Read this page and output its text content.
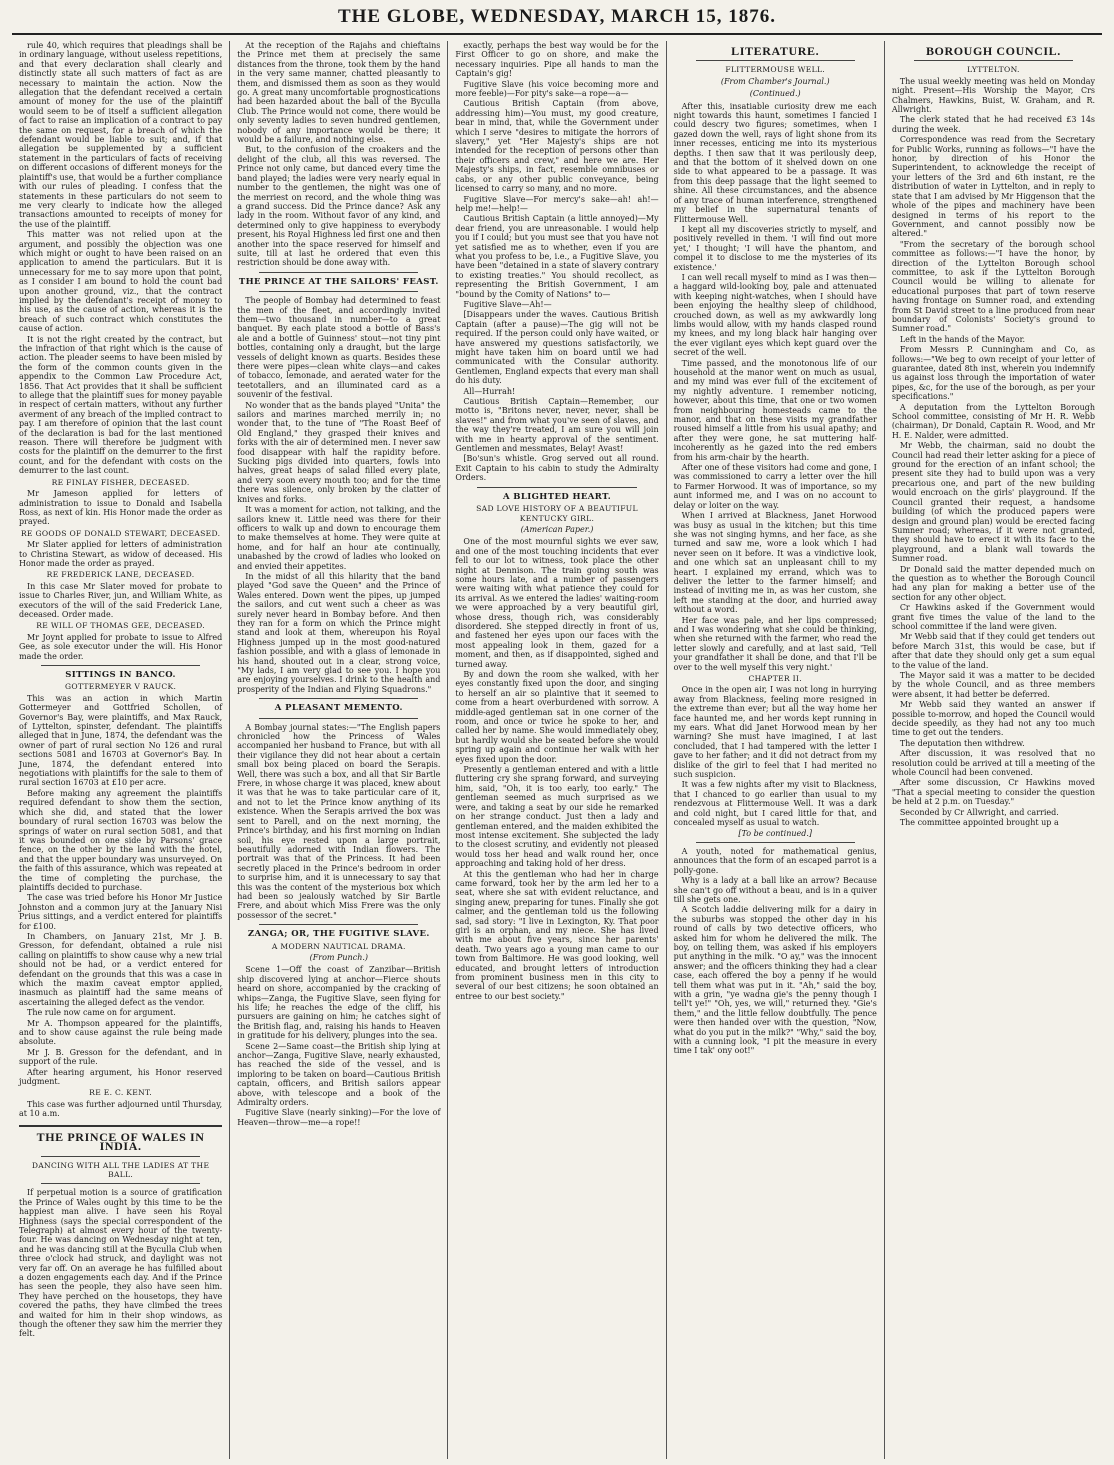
THE GLOBE, WEDNESDAY, MARCH 15, 1876.

rule 40, which requires that pleadings shall be in ordinary language, without useless repetitions, and that every declaration shall clearly and distinctly state all such matters of fact as are necessary to maintain the action. Now the allegation that the defendant received a certain amount of money for the use of the plaintiff would seem to be of itself a sufficient allegation of fact to raise an implication of a contract to pay the same on request, for a breach of which the defendant would be liable to suit; and, if that allegation be supplemented by a sufficient statement in the particulars of facts of receiving on different occasions of different moneys for the plaintiff's use, that would be a further compliance with our rules of pleading. I confess that the statements in these particulars do not seem to me very clearly to indicate how the alleged transactions amounted to receipts of money for the use of the plaintiff.

This matter was not relied upon at the argument, and possibly the objection was one which might or ought to have been raised on an application to amend the particulars. But it is unnecessary for me to say more upon that point, as I consider I am bound to hold the count bad upon another ground, viz., that the contract implied by the defendant's receipt of money to his use, as the cause of action, whereas it is the breach of such contract which constitutes the cause of action.

It is not the right created by the contract, but the infraction of that right which is the cause of action. The pleader seems to have been misled by the form of the common counts given in the appendix to the Common Law Procedure Act, 1856. That Act provides that it shall be sufficient to allege that the plaintiff sues for money payable in respect of certain matters, without any further averment of any breach of the implied contract to pay. I am therefore of opinion that the last count of the declaration is bad for the last mentioned reason. There will therefore be judgment with costs for the plaintiff on the demurrer to the first count, and for the defendant with costs on the demurrer to the last count.

RE FINLAY FISHER, DECEASED.

Mr Jameson applied for letters of administration to issue to Donald and Isabella Ross, as next of kin. His Honor made the order as prayed.

RE GOODS OF DONALD STEWART, DECEASED.

Mr Slater applied for letters of administration to Christina Stewart, as widow of deceased. His Honor made the order as prayed.

RE FREDERICK LANE, DECEASED.

In this case Mr Slater moved for probate to issue to Charles River, jun, and William White, as executors of the will of the said Frederick Lane, deceased. Order made.

RE WILL OF THOMAS GEE, DECEASED.

Mr Joynt applied for probate to issue to Alfred Gee, as sole executor under the will. His Honor made the order.

SITTINGS IN BANCO.
GOTTERMEYER V RAUCK.

This was an action in which Martin Gottermeyer and Gottfried Schollen, of Governor's Bay, were plaintiffs, and Max Rauck, of Lyttelton, spinster, defendant. The plaintiffs alleged that in June, 1874, the defendant was the owner of part of rural section No 126 and rural sections 5081 and 16703 at Governor's Bay. In June, 1874, the defendant entered into negotiations with plaintiffs for the sale to them of rural section 16703 at £10 per acre.

Before making any agreement the plaintiffs required defendant to show them the section, which she did, and stated that the lower boundary of rural section 16703 was below the springs of water on rural section 5081, and that it was bounded on one side by Parsons' grace fence, on the other by the land with the hotel, and that the upper boundary was unsurveyed. On the faith of this assurance, which was repeated at the time of completing the purchase, the plaintiffs decided to purchase.

The case was tried before his Honor Mr Justice Johnston and a common jury at the January Nisi Prius sittings, and a verdict entered for plaintiffs for £100.

In Chambers, on January 21st, Mr J. B. Gresson, for defendant, obtained a rule nisi calling on plaintiffs to show cause why a new trial should not be had, or a verdict entered for defendant on the grounds that this was a case in which the maxim caveat emptor applied, inasmuch as plaintiff had the same means of ascertaining the alleged defect as the vendor.

The rule now came on for argument.

Mr A. Thompson appeared for the plaintiffs, and to show cause against the rule being made absolute.

Mr J. B. Gresson for the defendant, and in support of the rule.

After hearing argument, his Honor reserved judgment.

RE E. C. KENT.

This case was further adjourned until Thursday, at 10 a.m.

THE PRINCE OF WALES IN INDIA.
DANCING WITH ALL THE LADIES AT THE BALL.

If perpetual motion is a source of gratification the Prince of Wales ought by this time to be the happiest man alive. I have seen his Royal Highness (says the special correspondent of the Telegraph) at almost every hour of the twenty-four. He was dancing on Wednesday night at ten, and he was dancing still at the Byculla Club when three o'clock had struck, and daylight was not very far off. On an average he has fulfilled about a dozen engagements each day. And if the Prince has seen the people, they also have seen him. They have perched on the housetops, they have covered the paths, they have climbed the trees and waited for him in their shop windows, as though the oftener they saw him the merrier they felt.

At the reception of the Rajahs and chieftains the Prince met them at precisely the same distances from the throne, took them by the hand in the very same manner, chatted pleasantly to them, and dismissed them as soon as they would go. A great many uncomfortable prognostications had been hazarded about the ball of the Byculla Club. The Prince would not come, there would be only seventy ladies to seven hundred gentlemen, nobody of any importance would be there; it would be a failure, and nothing else.

But, to the confusion of the croakers and the delight of the club, all this was reversed. The Prince not only came, but danced every time the band played; the ladies were very nearly equal in number to the gentlemen, the night was one of the merriest on record, and the whole thing was a grand success. Did the Prince dance? Ask any lady in the room. Without favor of any kind, and determined only to give happiness to everybody present, his Royal Highness led first one and then another into the space reserved for himself and suite, till at last he ordered that even this restriction should be done away with.

THE PRINCE AT THE SAILORS' FEAST.

The people of Bombay had determined to feast the men of the fleet, and accordingly invited them—two thousand in number—to a great banquet. By each plate stood a bottle of Bass's ale and a bottle of Guinness' stout—not tiny pint bottles, containing only a draught, but the large vessels of delight known as quarts. Besides these there were pipes—clean white clays—and cakes of tobacco, lemonade, and aerated water for the teetotallers, and an illuminated card as a souvenir of the festival.

No wonder that as the bands played "Unita" the sailors and marines marched merrily in; no wonder that, to the tune of "The Roast Beef of Old England," they grasped their knives and forks with the air of determined men. I never saw food disappear with half the rapidity before. Sucking pigs divided into quarters, fowls into halves, great heaps of salad filled every plate, and very soon every mouth too; and for the time there was silence, only broken by the clatter of knives and forks.

It was a moment for action, not talking, and the sailors knew it. Little need was there for their officers to walk up and down to encourage them to make themselves at home. They were quite at home, and for half an hour ate continually, unabashed by the crowd of ladies who looked on and envied their appetites.

In the midst of all this hilarity that the band played "God save the Queen" and the Prince of Wales entered. Down went the pipes, up jumped the sailors, and cut went such a cheer as was surely never heard in Bombay before. And then they ran for a form on which the Prince might stand and look at them, whereupon his Royal Highness jumped up in the most good-natured fashion possible, and with a glass of lemonade in his hand, shouted out in a clear, strong voice, "My lads, I am very glad to see you. I hope you are enjoying yourselves. I drink to the health and prosperity of the Indian and Flying Squadrons."

A PLEASANT MEMENTO.

A Bombay journal states:—"The English papers chronicled how the Princess of Wales accompanied her husband to France, but with all their vigilance they did not hear about a certain small box being placed on board the Serapis. Well, there was such a box, and all that Sir Bartle Frere, in whose charge it was placed, knew about it was that he was to take particular care of it, and not to let the Prince know anything of its existence. When the Serapis arrived the box was sent to Parell, and on the next morning, the Prince's birthday, and his first morning on Indian soil, his eye rested upon a large portrait, beautifully adorned with Indian flowers. The portrait was that of the Princess. It had been secretly placed in the Prince's bedroom in order to surprise him, and it is unnecessary to say that this was the content of the mysterious box which had been so jealously watched by Sir Bartle Frere, and about which Miss Frere was the only possessor of the secret."

ZANGA; OR, THE FUGITIVE SLAVE.
A MODERN NAUTICAL DRAMA.
(From Punch.)

Scene 1—Off the coast of Zanzibar—British ship discovered lying at anchor—Fierce shouts heard on shore, accompanied by the cracking of whips—Zanga, the Fugitive Slave, seen flying for his life; he reaches the edge of the cliff, his pursuers are gaining on him; he catches sight of the British flag, and, raising his hands to Heaven in gratitude for his delivery, plunges into the sea.

Scene 2—Same coast—the British ship lying at anchor—Zanga, Fugitive Slave, nearly exhausted, has reached the side of the vessel, and is imploring to be taken on board—Cautious British captain, officers, and British sailors appear above, with telescope and a book of the Admiralty orders.

Fugitive Slave (nearly sinking)—For the love of Heaven—throw—me—a rope!!

exactly, perhaps the best way would be for the First Officer to go on shore, and make the necessary inquiries. Pipe all hands to man the Captain's gig!

Fugitive Slave (his voice becoming more and more feeble)—For pity's sake—a rope—a—

Cautious British Captain (from above, addressing him)—You must, my good creature, bear in mind, that, while the Government under which I serve "desires to mitigate the horrors of slavery," yet "Her Majesty's ships are not intended for the reception of persons other than their officers and crew," and here we are. Her Majesty's ships, in fact, resemble omnibuses or cabs, or any other public conveyance, being licensed to carry so many, and no more.

Fugitive Slave—For mercy's sake—ah! ah!—help me!—help!—

Cautious British Captain (a little annoyed)—My dear friend, you are unreasonable. I would help you if I could; but you must see that you have not yet satisfied me as to whether, even if you are what you profess to be, i.e., a Fugitive Slave, you have been "detained in a state of slavery contrary to existing treaties." You should recollect, as representing the British Government, I am "bound by the Comity of Nations" to—

Fugitive Slave—Ah!—

[Disappears under the waves. Cautious British Captain (after a pause)—The gig will not be required. If the person could only have waited, or have answered my questions satisfactorily, we might have taken him on board until we had communicated with the Consular authority. Gentlemen, England expects that every man shall do his duty.

All—Hurrah!

Cautious British Captain—Remember, our motto is, "Britons never, never, never, shall be slaves!" and from what you've seen of slaves, and the way they're treated, I am sure you will join with me in hearty approval of the sentiment. Gentlemen and messmates, Belay! Avast!

[Bo'sun's whistle. Grog served out all round. Exit Captain to his cabin to study the Admiralty Orders.

A BLIGHTED HEART.
SAD LOVE HISTORY OF A BEAUTIFUL KENTUCKY GIRL.
(American Paper.)

One of the most mournful sights we ever saw, and one of the most touching incidents that ever fell to our lot to witness, took place the other night at Dennison. The train going south was some hours late, and a number of passengers were waiting with what patience they could for its arrival. As we entered the ladies' waiting-room we were approached by a very beautiful girl, whose dress, though rich, was considerably disordered. She stepped directly in front of us, and fastened her eyes upon our faces with the most appealing look in them, gazed for a moment, and then, as if disappointed, sighed and turned away.

By and down the room she walked, with her eyes constantly fixed upon the door, and singing to herself an air so plaintive that it seemed to come from a heart overburdened with sorrow. A middle-aged gentleman sat in one corner of the room, and once or twice he spoke to her, and called her by name. She would immediately obey, but hardly would she be seated before she would spring up again and continue her walk with her eyes fixed upon the door.

Presently a gentleman entered and with a little fluttering cry she sprang forward, and surveying him, said, "Oh, it is too early, too early." The gentleman seemed as much surprised as we were, and taking a seat by our side he remarked on her strange conduct. Just then a lady and gentleman entered, and the maiden exhibited the most intense excitement. She subjected the lady to the closest scrutiny, and evidently not pleased would toss her head and walk round her, once approaching and taking hold of her dress.

At this the gentleman who had her in charge came forward, took her by the arm led her to a seat, where she sat with evident reluctance, and singing anew, preparing for tunes. Finally she got calmer, and the gentleman told us the following sad, sad story: "I live in Lexington, Ky. That poor girl is an orphan, and my niece. She has lived with me about five years, since her parents' death. Two years ago a young man came to our town from Baltimore. He was good looking, well educated, and brought letters of introduction from prominent business men in this city to several of our best citizens; he soon obtained an entree to our best society."

LITERATURE.
FLITTERMOUSE WELL.
(From Chamber's Journal.)
(Continued.)

After this, insatiable curiosity drew me each night towards this haunt, sometimes I fancied I could descry two figures; sometimes, when I gazed down the well, rays of light shone from its inner recesses, enticing me into its mysterious depths. I then saw that it was perilously deep, and that the bottom of it shelved down on one side to what appeared to be a passage. It was from this deep passage that the light seemed to shine. All these circumstances, and the absence of any trace of human interference, strengthened my belief in the supernatural tenants of Flittermouse Well.

I kept all my discoveries strictly to myself, and positively revelled in them. 'I will find out more yet,' I thought; 'I will have the phantom, and compel it to disclose to me the mysteries of its existence.'

I can well recall myself to mind as I was then—a haggard wild-looking boy, pale and attenuated with keeping night-watches, when I should have been enjoying the healthy sleep of childhood, crouched down, as well as my awkwardly long limbs would allow, with my hands clasped round my knees, and my long black hair hanging over the ever vigilant eyes which kept guard over the secret of the well.

Time passed, and the monotonous life of our household at the manor went on much as usual, and my mind was ever full of the excitement of my nightly adventure. I remember noticing, however, about this time, that one or two women from neighbouring homesteads came to the manor, and that on these visits my grandfather roused himself a little from his usual apathy; and after they were gone, he sat muttering half-incoherently as he gazed into the red embers from his arm-chair by the hearth.

After one of these visitors had come and gone, I was commissioned to carry a letter over the hill to Farmer Horwood. It was of importance, so my aunt informed me, and I was on no account to delay or loiter on the way.

When I arrived at Blackness, Janet Horwood was busy as usual in the kitchen; but this time she was not singing hymns, and her face, as she turned and saw me, wore a look which I had never seen on it before. It was a vindictive look, and one which sat an unpleasant chill to my heart. I explained my errand, which was to deliver the letter to the farmer himself; and instead of inviting me in, as was her custom, she left me standing at the door, and hurried away without a word.

Her face was pale, and her lips compressed; and I was wondering what she could be thinking, when she returned with the farmer, who read the letter slowly and carefully, and at last said, 'Tell your grandfather it shall be done, and that I'll be over to the well myself this very night.'

CHAPTER II.

Once in the open air, I was not long in hurrying away from Blackness, feeling more resigned in the extreme than ever; but all the way home her face haunted me, and her words kept running in my ears. What did Janet Horwood mean by her warning? She must have imagined, I at last concluded, that I had tampered with the letter I gave to her father; and it did not detract from my dislike of the girl to feel that I had merited no such suspicion.

It was a few nights after my visit to Blackness, that I chanced to go earlier than usual to my rendezvous at Flittermouse Well. It was a dark and cold night, but I cared little for that, and concealed myself as usual to watch.

[To be continued.]

A youth, noted for mathematical genius, announces that the form of an escaped parrot is a polly-gone.

Why is a lady at a ball like an arrow? Because she can't go off without a beau, and is in a quiver till she gets one.

A Scotch laddie delivering milk for a dairy in the suburbs was stopped the other day in his round of calls by two detective officers, who asked him for whom he delivered the milk. The boy, on telling them, was asked if his employers put anything in the milk. "O ay," was the innocent answer; and the officers thinking they had a clear case, each offered the boy a penny if he would tell them what was put in it. "Ah," said the boy, with a grin, "ye wadna gie's the penny though I tell't ye!" "Oh, yes, we will," returned they. "Gie's them," and the little fellow doubtfully. The pence were then handed over with the question, "Now, what do you put in the milk?" "Why," said the boy, with a cunning look, "I pit the measure in every time I tak' ony oot!"

BOROUGH COUNCIL.
LYTTELTON.

The usual weekly meeting was held on Monday night. Present—His Worship the Mayor, Crs Chalmers, Hawkins, Buist, W. Graham, and R. Allwright.

The clerk stated that he had received £3 14s during the week.

Correspondence was read from the Secretary for Public Works, running as follows—"I have the honor, by direction of his Honor the Superintendent, to acknowledge the receipt of your letters of the 3rd and 6th instant, re the distribution of water in Lyttelton, and in reply to state that I am advised by Mr Higgenson that the whole of the pipes and machinery have been designed in terms of his report to the Government, and cannot possibly now be altered."

"From the secretary of the borough school committee as follows:—"I have the honor, by direction of the Lyttelton Borough school committee, to ask if the Lyttelton Borough Council would be willing to alienate for educational purposes that part of town reserve having frontage on Sumner road, and extending from St David street to a line produced from near boundary of Colonists' Society's ground to Sumner road."

Left in the hands of the Mayor.

From Messrs P. Cunningham and Co, as follows:—"We beg to own receipt of your letter of guarantee, dated 8th inst, wherein you indemnify us against loss through the importation of water pipes, &c, for the use of the borough, as per your specifications."

A deputation from the Lyttelton Borough School committee, consisting of Mr H. R. Webb (chairman), Dr Donald, Captain R. Wood, and Mr H. E. Nalder, were admitted.

Mr Webb, the chairman, said no doubt the Council had read their letter asking for a piece of ground for the erection of an infant school; the present site they had to build upon was a very precarious one, and part of the new building would encroach on the girls' playground. If the Council granted their request, a handsome building (of which the produced papers were design and ground plan) would be erected facing Sumner road; whereas, if it were not granted, they should have to erect it with its face to the playground, and a blank wall towards the Sumner road.

Dr Donald said the matter depended much on the question as to whether the Borough Council had any plan for making a better use of the section for any other object.

Cr Hawkins asked if the Government would grant five times the value of the land to the school committee if the land were given.

Mr Webb said that if they could get tenders out before March 31st, this would be case, but if after that date they should only get a sum equal to the value of the land.

The Mayor said it was a matter to be decided by the whole Council, and as three members were absent, it had better be deferred.

Mr Webb said they wanted an answer if possible to-morrow, and hoped the Council would decide speedily, as they had not any too much time to get out the tenders.

The deputation then withdrew.

After discussion, it was resolved that no resolution could be arrived at till a meeting of the whole Council had been convened.

After some discussion, Cr Hawkins moved "That a special meeting to consider the question be held at 2 p.m. on Tuesday."

Seconded by Cr Allwright, and carried.

The committee appointed brought up a
